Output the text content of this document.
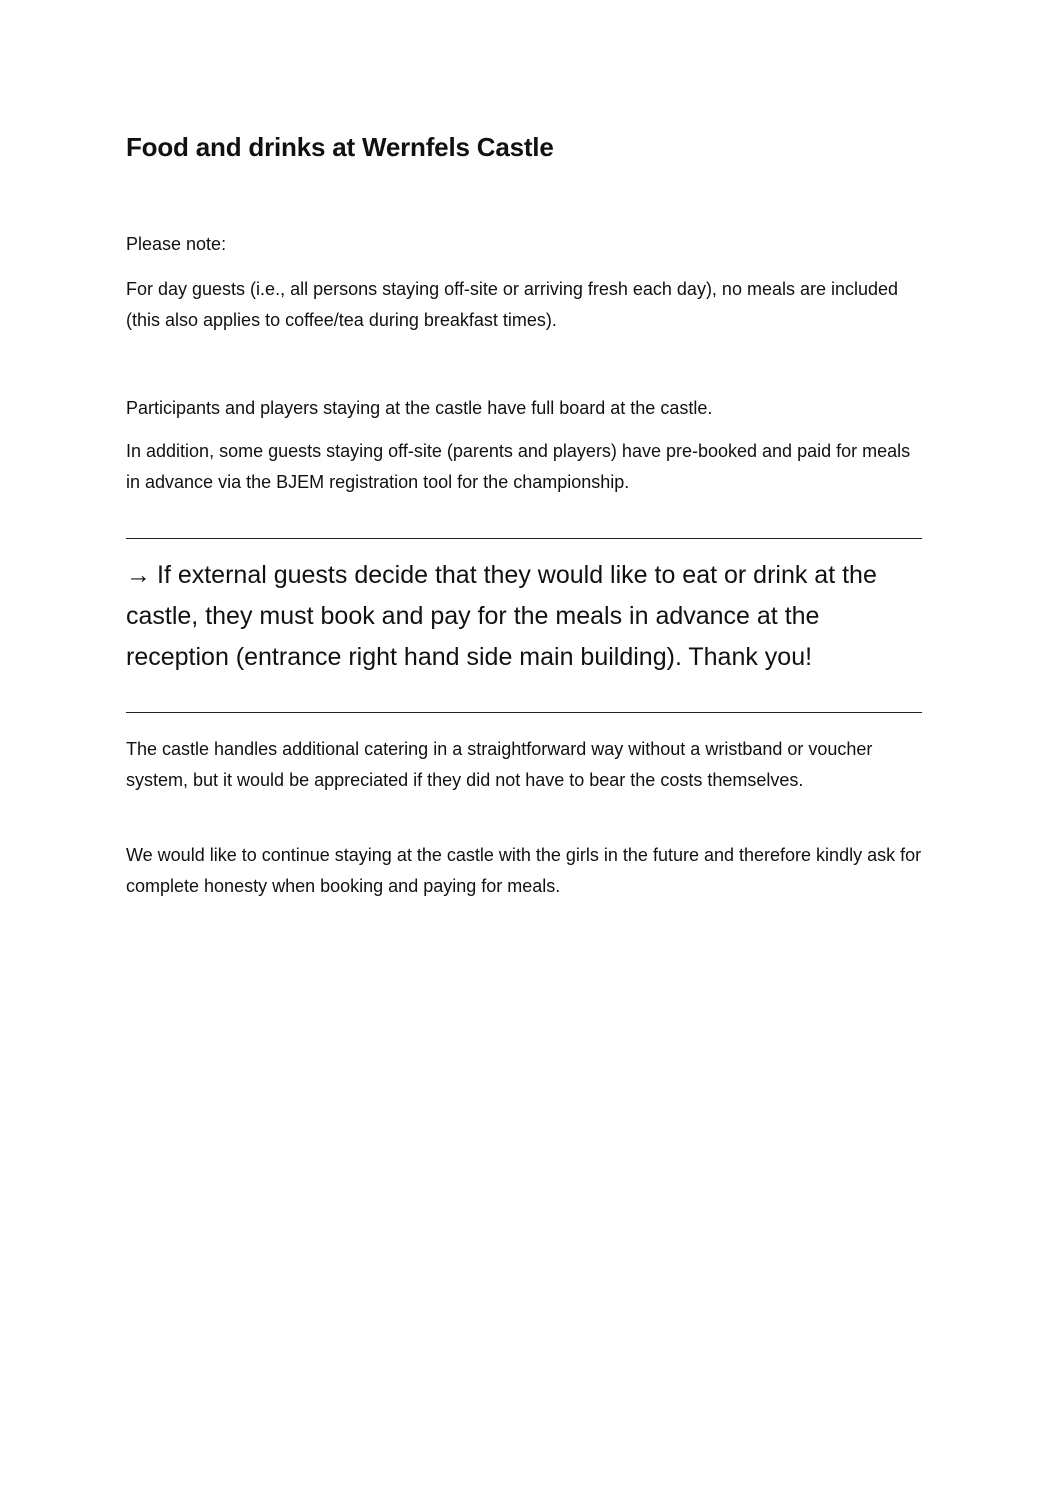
Food and drinks at Wernfels Castle

Please note:

For day guests (i.e., all persons staying off-site or arriving fresh each day), no meals are included (this also applies to coffee/tea during breakfast times).

Participants and players staying at the castle have full board at the castle.

In addition, some guests staying off-site (parents and players) have pre-booked and paid for meals in advance via the BJEM registration tool for the championship.

→ If external guests decide that they would like to eat or drink at the castle, they must book and pay for the meals in advance at the reception (entrance right hand side main building). Thank you!

The castle handles additional catering in a straightforward way without a wristband or voucher system, but it would be appreciated if they did not have to bear the costs themselves.

We would like to continue staying at the castle with the girls in the future and therefore kindly ask for complete honesty when booking and paying for meals.
